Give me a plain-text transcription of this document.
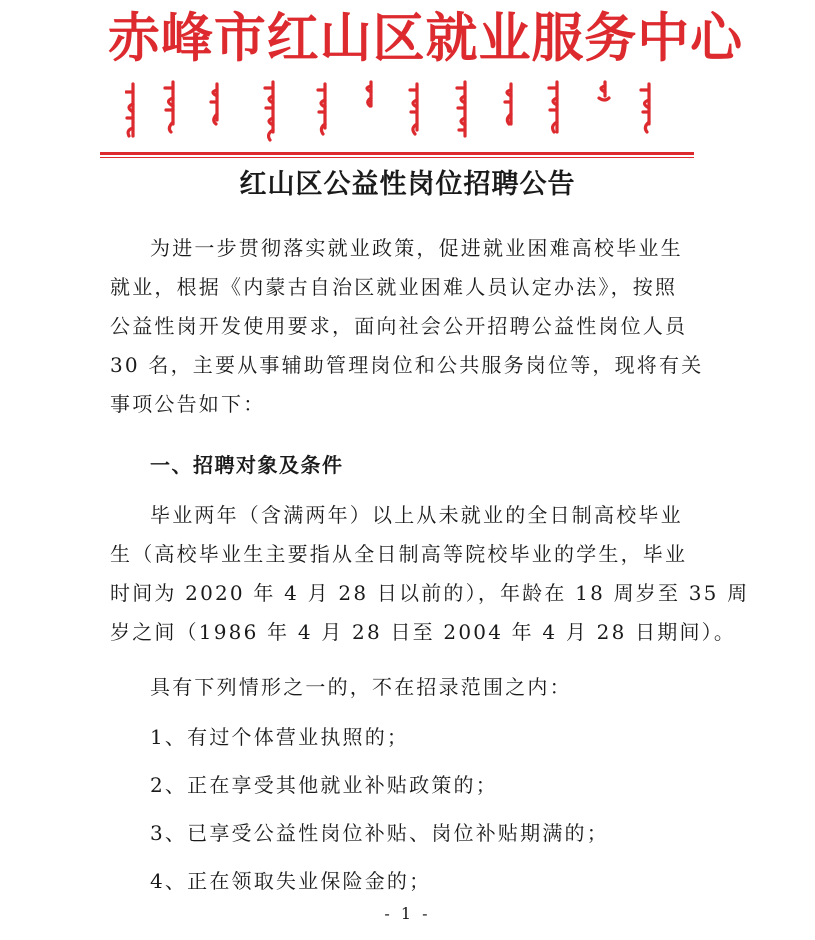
赤峰市红山区就业服务中心
红山区公益性岗位招聘公告
为进一步贯彻落实就业政策，促进就业困难高校毕业生
就业，根据《内蒙古自治区就业困难人员认定办法》，按照
公益性岗开发使用要求，面向社会公开招聘公益性岗位人员
30 名，主要从事辅助管理岗位和公共服务岗位等，现将有关
事项公告如下：
一、招聘对象及条件
毕业两年（含满两年）以上从未就业的全日制高校毕业
生（高校毕业生主要指从全日制高等院校毕业的学生，毕业
时间为 2020 年 4 月 28 日以前的），年龄在 18 周岁至 35 周
岁之间（1986 年 4 月 28 日至 2004 年 4 月 28 日期间）。
具有下列情形之一的，不在招录范围之内：
1、有过个体营业执照的；
2、正在享受其他就业补贴政策的；
3、已享受公益性岗位补贴、岗位补贴期满的；
4、正在领取失业保险金的；
- 1 -
